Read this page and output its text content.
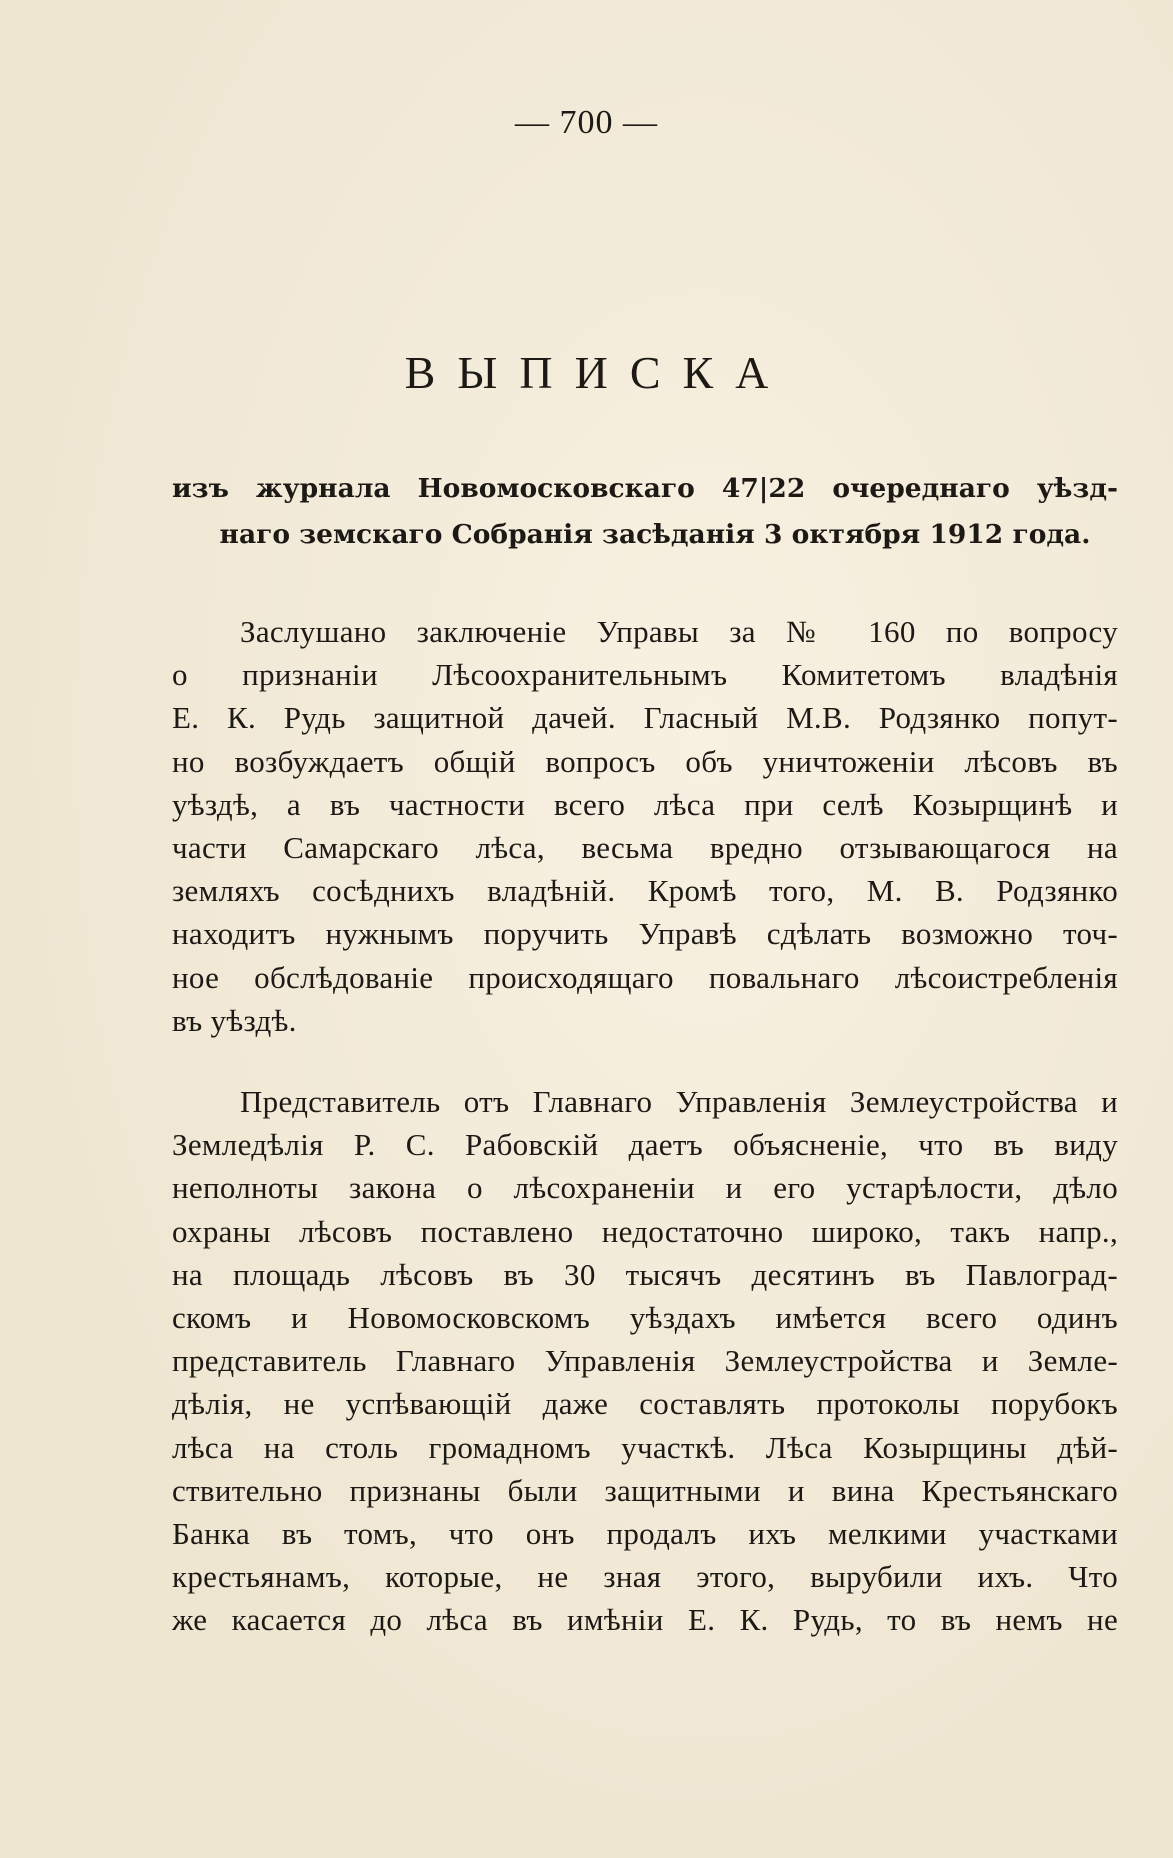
— 700 —
ВЫПИСКА
изъ журнала Новомосковскаго 47|22 очереднаго уѣзд-
наго земскаго Собранія засѣданія 3 октября 1912 года.
Заслушано заключеніе Управы за № 160 по вопросу
о признаніи Лѣсоохранительнымъ Комитетомъ владѣнія
Е. К. Рудь защитной дачей. Гласный М.В. Родзянко попут-
но возбуждаетъ общій вопросъ объ уничтоженіи лѣсовъ въ
уѣздѣ, а въ частности всего лѣса при селѣ Козырщинѣ и
части Самарскаго лѣса, весьма вредно отзывающагося на
земляхъ сосѣднихъ владѣній. Кромѣ того, М. В. Родзянко
находитъ нужнымъ поручить Управѣ сдѣлать возможно точ-
ное обслѣдованіе происходящаго повальнаго лѣсоистребленія
въ уѣздѣ.
Представитель отъ Главнаго Управленія Землеустройства и
Земледѣлія Р. С. Рабовскій даетъ объясненіе, что въ виду
неполноты закона о лѣсохраненіи и его устарѣлости, дѣло
охраны лѣсовъ поставлено недостаточно широко, такъ напр.,
на площадь лѣсовъ въ 30 тысячъ десятинъ въ Павлоград-
скомъ и Новомосковскомъ уѣздахъ имѣется всего одинъ
представитель Главнаго Управленія Землеустройства и Земле-
дѣлія, не успѣвающій даже составлять протоколы порубокъ
лѣса на столь громадномъ участкѣ. Лѣса Козырщины дѣй-
ствительно признаны были защитными и вина Крестьянскаго
Банка въ томъ, что онъ продалъ ихъ мелкими участками
крестьянамъ, которые, не зная этого, вырубили ихъ. Что
же касается до лѣса въ имѣніи Е. К. Рудь, то въ немъ не
